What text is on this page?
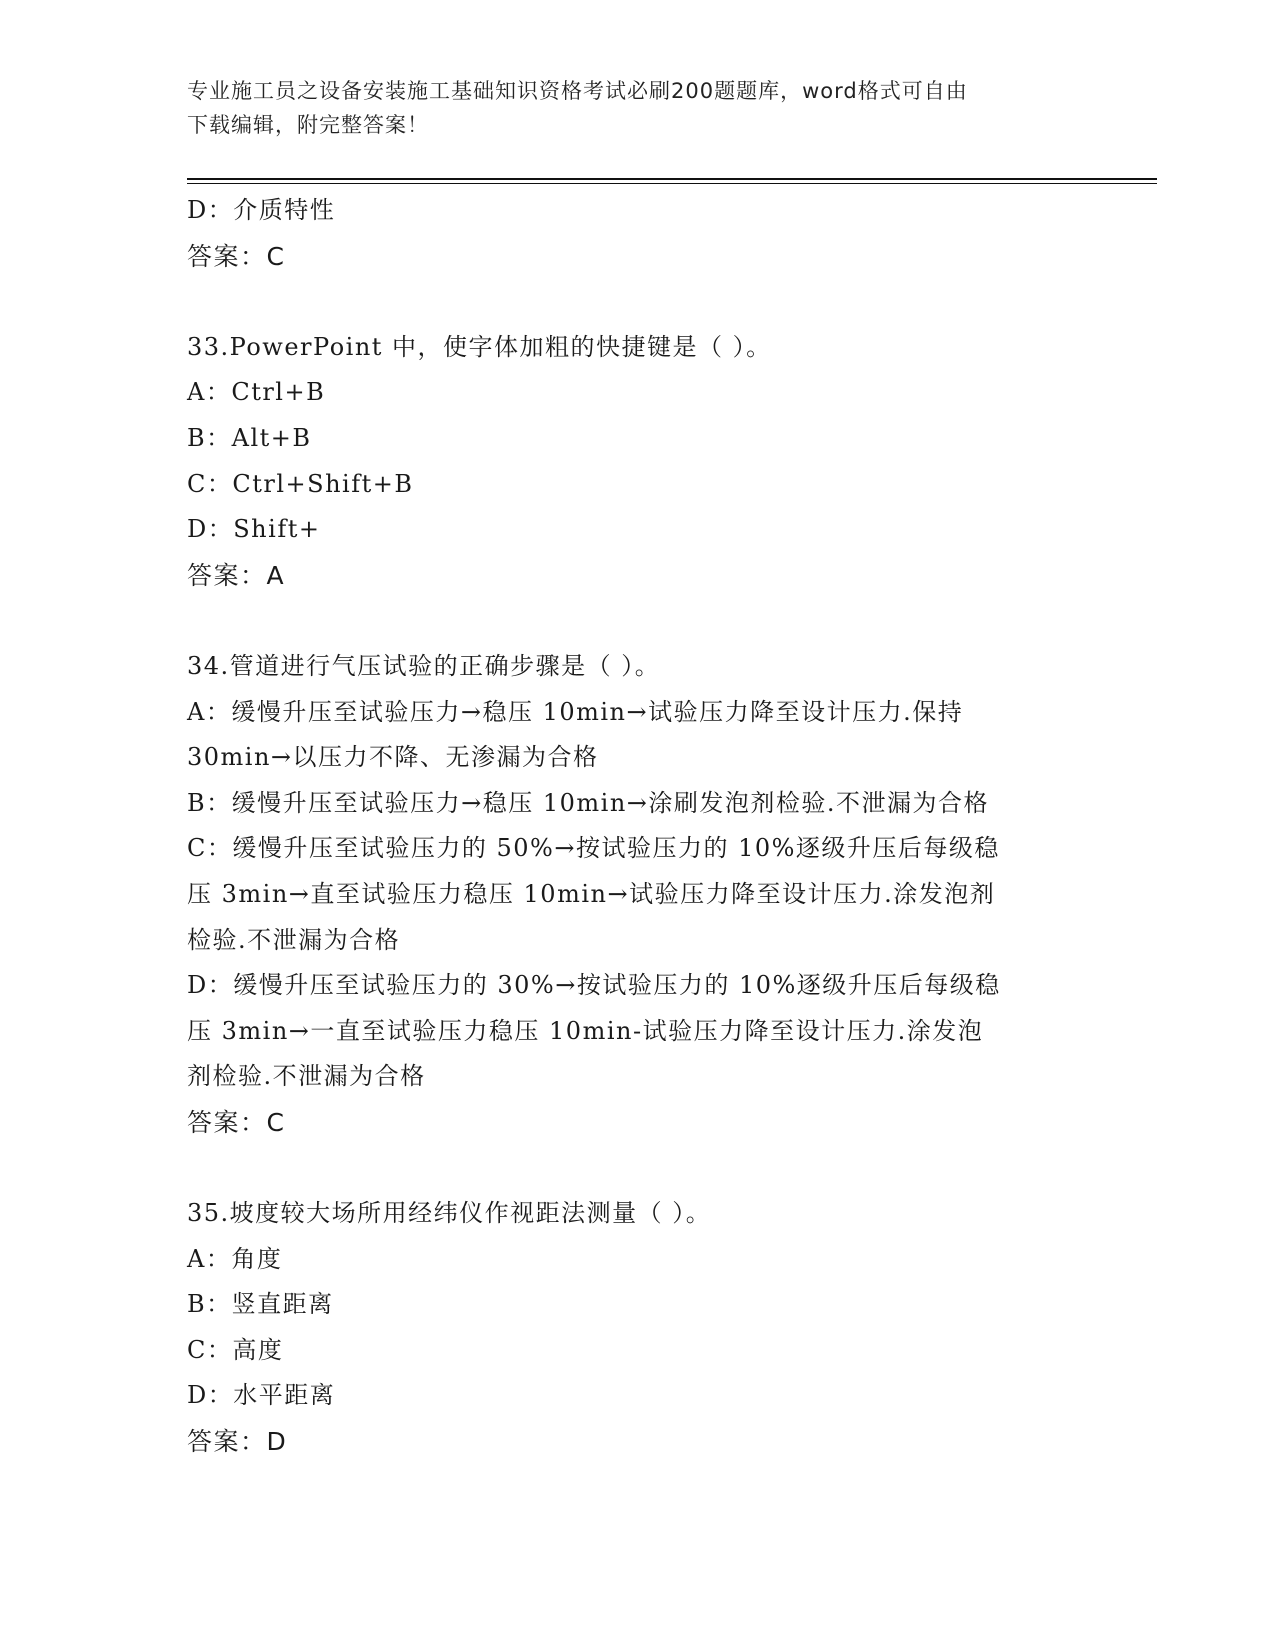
专业施工员之设备安装施工基础知识资格考试必刷200题题库，word格式可自由
下载编辑，附完整答案！
D：介质特性
答案：C
33.PowerPoint 中，使字体加粗的快捷键是（ ）。
A：Ctrl+B
B：Alt+B
C：Ctrl+Shift+B
D：Shift+
答案：A
34.管道进行气压试验的正确步骤是（ ）。
A：缓慢升压至试验压力→稳压 10min→试验压力降至设计压力.保持
30min→以压力不降、无渗漏为合格
B：缓慢升压至试验压力→稳压 10min→涂刷发泡剂检验.不泄漏为合格
C：缓慢升压至试验压力的 50%→按试验压力的 10%逐级升压后每级稳
压 3min→直至试验压力稳压 10min→试验压力降至设计压力.涂发泡剂
检验.不泄漏为合格
D：缓慢升压至试验压力的 30%→按试验压力的 10%逐级升压后每级稳
压 3min→一直至试验压力稳压 10min-试验压力降至设计压力.涂发泡
剂检验.不泄漏为合格
答案：C
35.坡度较大场所用经纬仪作视距法测量（ ）。
A：角度
B：竖直距离
C：高度
D：水平距离
答案：D
